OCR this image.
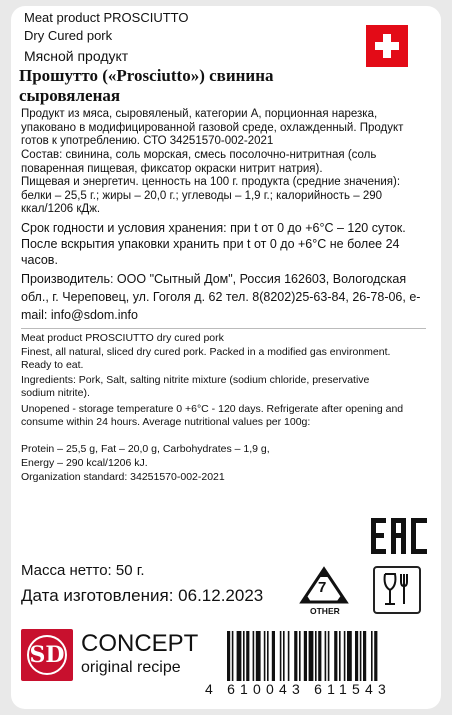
Meat product PROSCIUTTO
Dry Cured pork
Мясной продукт
Прошутто («Prosciutto») свинина
сыровяленая
Продукт из мяса, сыровяленый, категории А, порционная нарезка, упаковано в модифицированной газовой среде, охлажденный. Продукт готов к употреблению. СТО 34251570-002-2021
Состав: свинина, соль морская, смесь посолочно-нитритная (соль поваренная пищевая, фиксатор окраски нитрит натрия).
Пищевая и энергетич. ценность на 100 г. продукта (средние значения): белки – 25,5 г.; жиры – 20,0 г.; углеводы – 1,9 г.; калорийность – 290 ккал/1206 кДж.
Срок годности и условия хранения: при t от 0 до +6°С – 120 суток. После вскрытия упаковки хранить при t от 0 до +6°С не более 24 часов.
Производитель: ООО "Сытный Дом", Россия 162603, Вологодская обл., г. Череповец, ул. Гоголя д. 62 тел. 8(8202)25-63-84, 26-78-06, e-mail: info@sdom.info
Meat product PROSCIUTTO dry cured pork
Finest, all natural, sliced dry cured pork. Packed in a modified gas environment. Ready to eat.
Ingredients: Pork, Salt, salting nitrite mixture (sodium chloride, preservative sodium nitrite).
Unopened - storage temperature 0 +6°C - 120 days. Refrigerate after opening and consume within 24 hours. Average nutritional values per 100g:
Protein – 25,5 g, Fat – 20,0 g, Carbohydrates – 1,9 g,
Energy – 290 kcal/1206 kJ.
Organization standard: 34251570-002-2021
Масса нетто: 50 г.
Дата изготовления: 06.12.2023	7
OTHER
SD CONCEPT
original recipe
4 610043 611543
